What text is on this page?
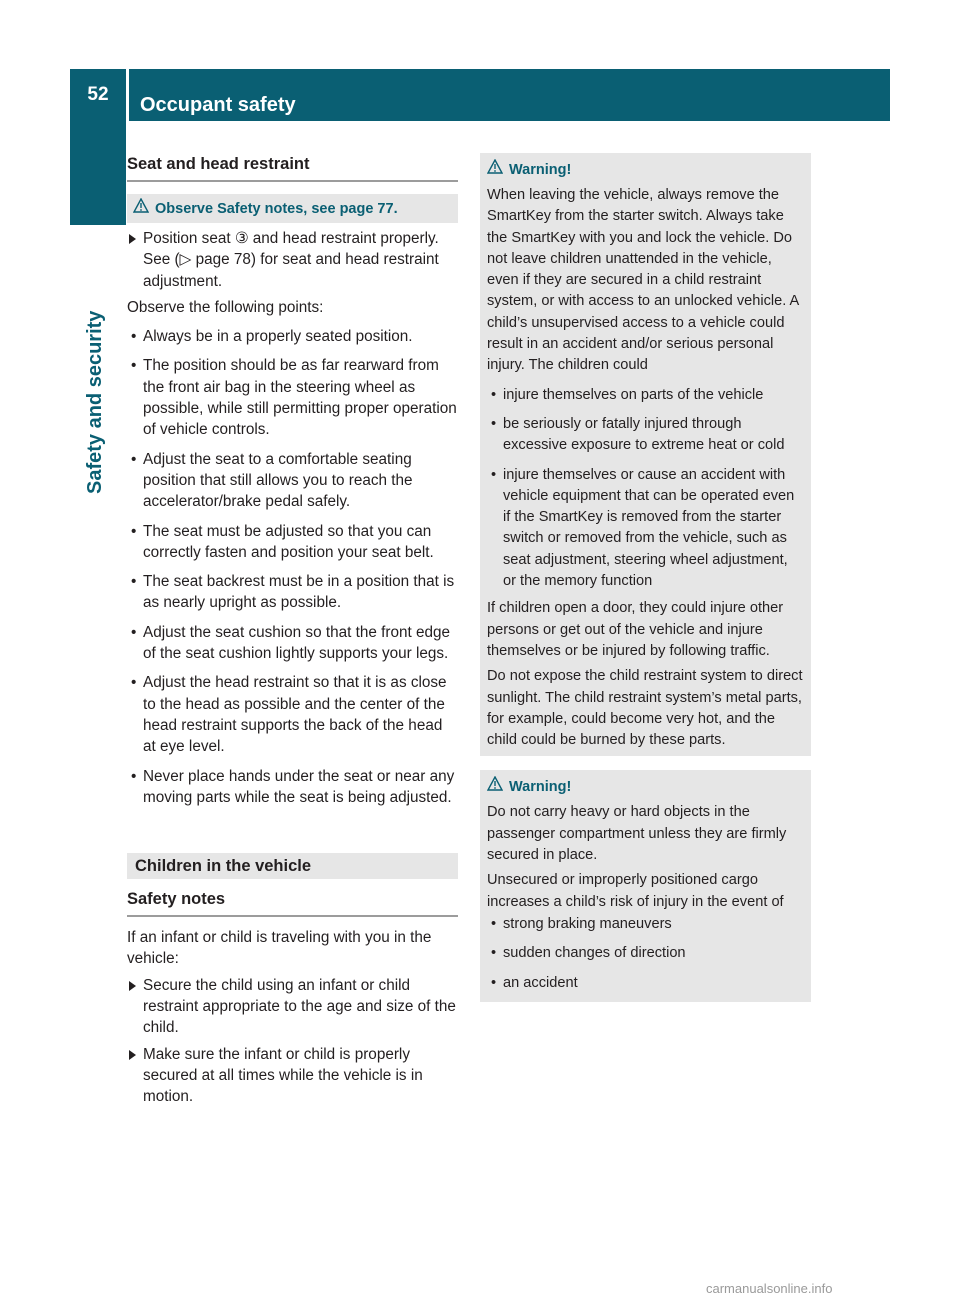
52	Occupant safety
Safety and security
Seat and head restraint
Observe Safety notes, see page 77.
Position seat ③ and head restraint properly. See (▷ page 78) for seat and head restraint adjustment.

Observe the following points:

• Always be in a properly seated position.
• The position should be as far rearward from the front air bag in the steering wheel as possible, while still permitting proper operation of vehicle controls.
• Adjust the seat to a comfortable seating position that still allows you to reach the accelerator/brake pedal safely.
• The seat must be adjusted so that you can correctly fasten and position your seat belt.
• The seat backrest must be in a position that is as nearly upright as possible.
• Adjust the seat cushion so that the front edge of the seat cushion lightly supports your legs.
• Adjust the head restraint so that it is as close to the head as possible and the center of the head restraint supports the back of the head at eye level.
• Never place hands under the seat or near any moving parts while the seat is being adjusted.
Children in the vehicle
Safety notes

If an infant or child is traveling with you in the vehicle:

Secure the child using an infant or child restraint appropriate to the age and size of the child.
Make sure the infant or child is properly secured at all times while the vehicle is in motion.
Warning!

When leaving the vehicle, always remove the SmartKey from the starter switch. Always take the SmartKey with you and lock the vehicle. Do not leave children unattended in the vehicle, even if they are secured in a child restraint system, or with access to an unlocked vehicle. A child’s unsupervised access to a vehicle could result in an accident and/or serious personal injury. The children could

• injure themselves on parts of the vehicle
• be seriously or fatally injured through excessive exposure to extreme heat or cold
• injure themselves or cause an accident with vehicle equipment that can be operated even if the SmartKey is removed from the starter switch or removed from the vehicle, such as seat adjustment, steering wheel adjustment, or the memory function

If children open a door, they could injure other persons or get out of the vehicle and injure themselves or be injured by following traffic.

Do not expose the child restraint system to direct sunlight. The child restraint system’s metal parts, for example, could become very hot, and the child could be burned by these parts.

Warning!

Do not carry heavy or hard objects in the passenger compartment unless they are firmly secured in place.

Unsecured or improperly positioned cargo increases a child’s risk of injury in the event of

• strong braking maneuvers
• sudden changes of direction
• an accident
carmanualsonline.info
